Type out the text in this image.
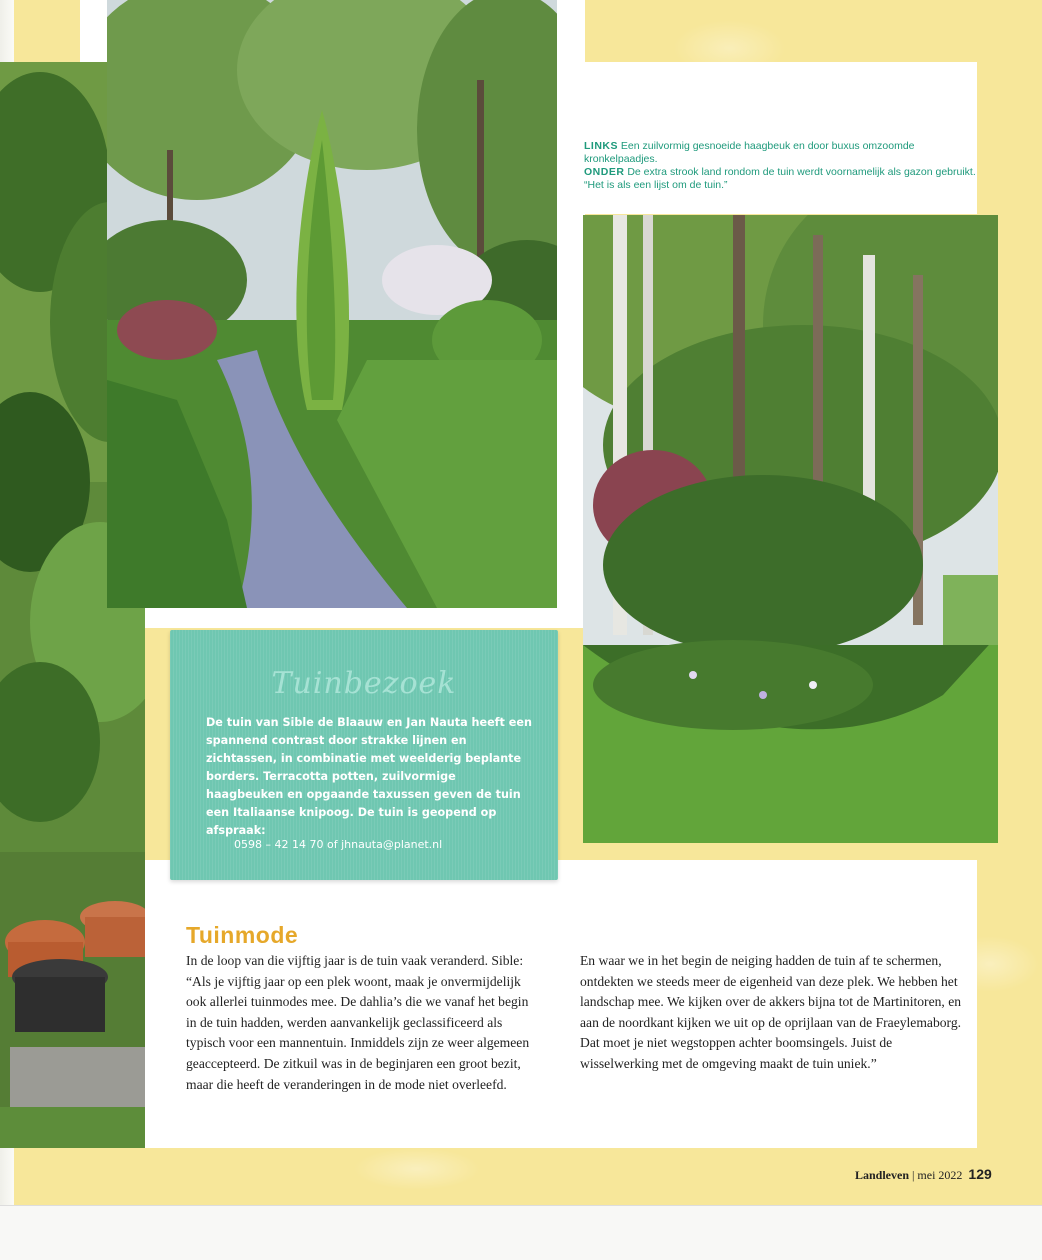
LINKS Een zuilvormig gesnoeide haagbeuk en door buxus omzoomde kronkelpaadjes.
ONDER De extra strook land rondom de tuin werdt voornamelijk als gazon gebruikt. “Het is als een lijst om de tuin.”
Tuinbezoek
De tuin van Sible de Blaauw en Jan Nauta heeft een spannend contrast door strakke lijnen en zichtassen, in combinatie met weelderig beplante borders. Terracotta potten, zuilvormige haagbeuken en opgaande taxussen geven de tuin een Italiaanse knipoog. De tuin is geopend op afspraak:
0598 – 42 14 70 of jhnauta@planet.nl
Tuinmode
In de loop van die vijftig jaar is de tuin vaak veranderd. Sible: “Als je vijftig jaar op een plek woont, maak je onvermijdelijk ook allerlei tuinmodes mee. De dahlia’s die we vanaf het begin in de tuin hadden, werden aanvankelijk geclassificeerd als typisch voor een mannentuin. Inmiddels zijn ze weer algemeen geaccepteerd. De zitkuil was in de beginjaren een groot bezit, maar die heeft de veranderingen in de mode niet overleefd.
En waar we in het begin de neiging hadden de tuin af te schermen, ontdekten we steeds meer de eigenheid van deze plek. We hebben het landschap mee. We kijken over de akkers bijna tot de Martinitoren, en aan de noordkant kijken we uit op de oprijlaan van de Fraeylemaborg. Dat moet je niet wegstoppen achter boomsingels. Juist de wisselwerking met de omgeving maakt de tuin uniek.”
Landleven | mei 2022 129
